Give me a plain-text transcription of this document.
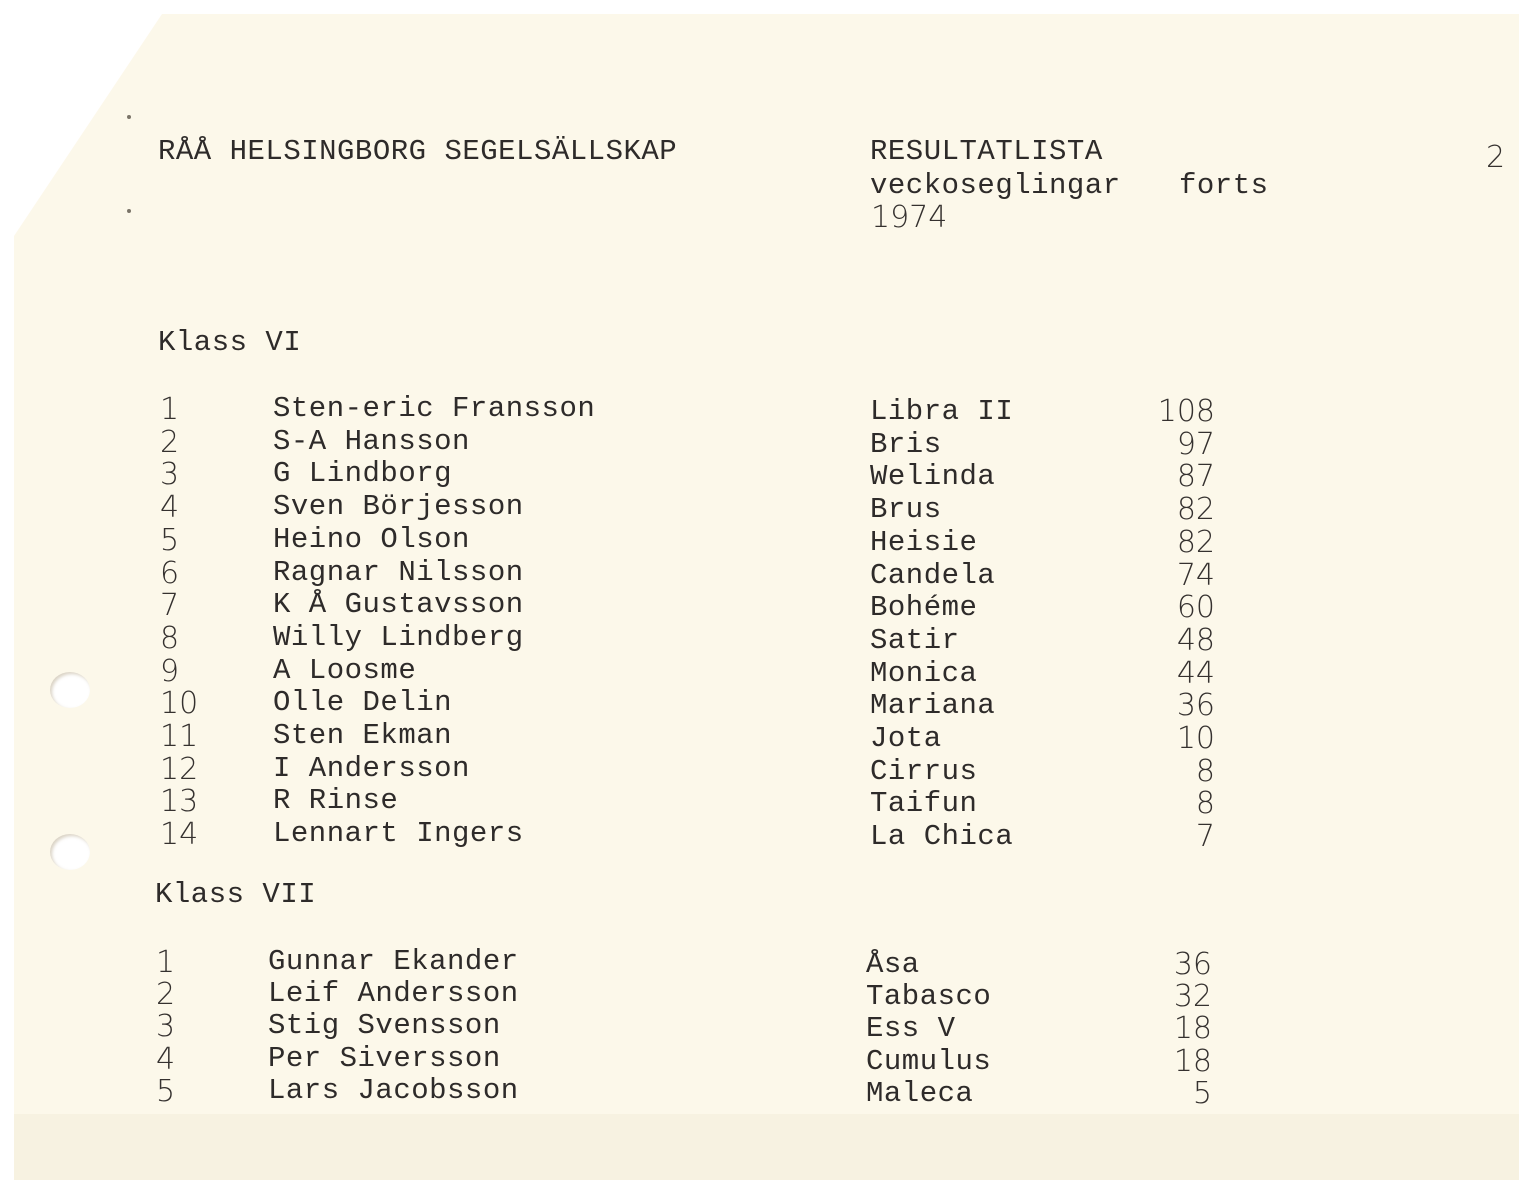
RÅÅ HELSINGBORG SEGELSÄLLSKAP	RESULTATLISTA
veckoseglingar forts
1974
2
Klass VI
Klass VII
1	Sten-eric Fransson	Libra II	108
2	S-A Hansson	Bris	97
3	G Lindborg	Welinda	87
4	Sven Börjesson	Brus	82
5	Heino Olson	Heisie	82
6	Ragnar Nilsson	Candela	74
7	K Å Gustavsson	Bohéme	60
8	Willy Lindberg	Satir	48
9	A Loosme	Monica	44
10	Olle Delin	Mariana	36
11	Sten Ekman	Jota	10
12	I Andersson	Cirrus	8
13	R Rinse	Taifun	8
14	Lennart Ingers	La Chica	7
1	Gunnar Ekander	Åsa	36
2	Leif Andersson	Tabasco	32
3	Stig Svensson	Ess V	18
4	Per Siversson	Cumulus	18
5	Lars Jacobsson	Maleca	5
